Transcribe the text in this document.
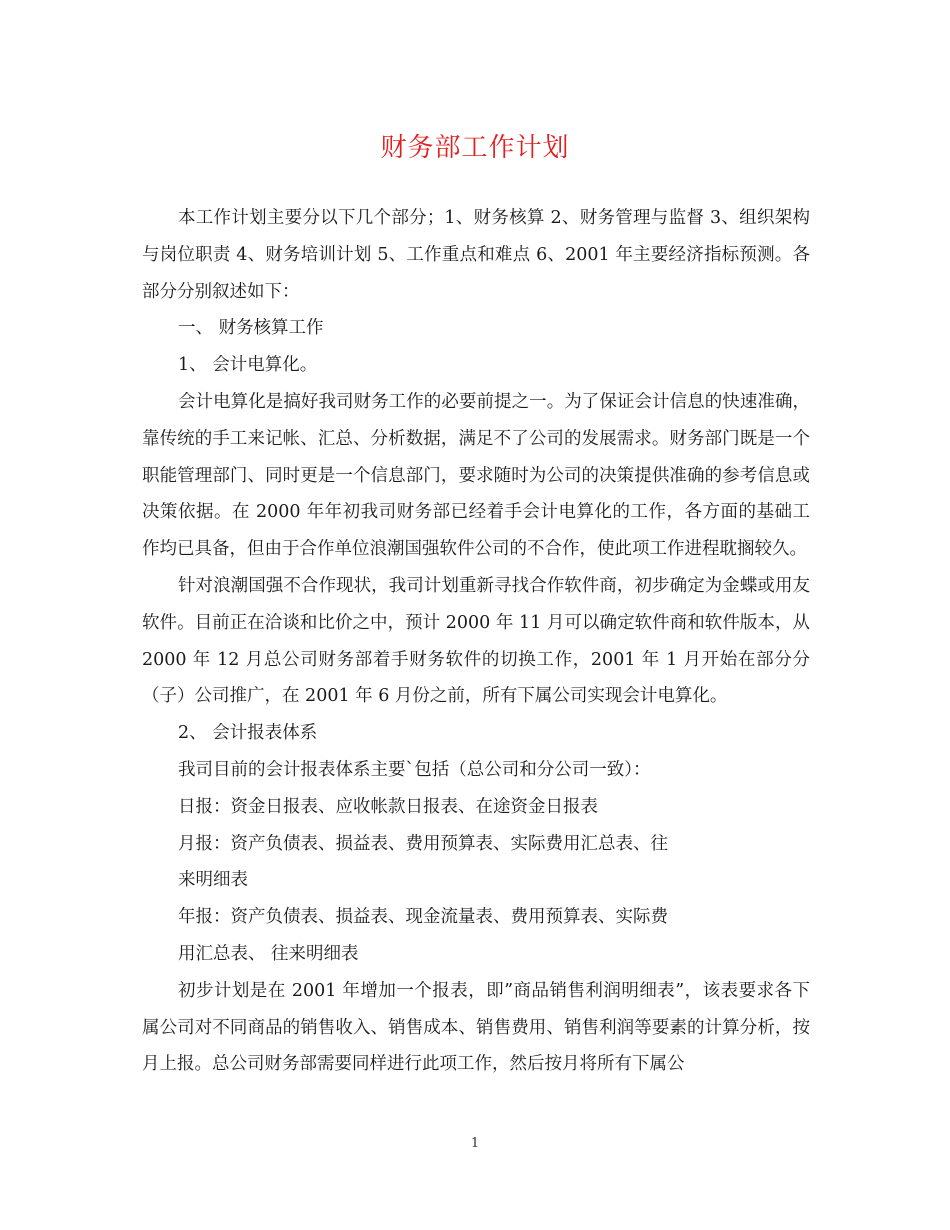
财务部工作计划

本工作计划主要分以下几个部分；1、财务核算 2、财务管理与监督 3、组织架构与岗位职责 4、财务培训计划 5、工作重点和难点 6、2001 年主要经济指标预测。各部分分别叙述如下：

一、 财务核算工作

1、 会计电算化。

会计电算化是搞好我司财务工作的必要前提之一。为了保证会计信息的快速准确，靠传统的手工来记帐、汇总、分析数据，满足不了公司的发展需求。财务部门既是一个职能管理部门、同时更是一个信息部门，要求随时为公司的决策提供准确的参考信息或决策依据。在 2000 年年初我司财务部已经着手会计电算化的工作，各方面的基础工作均已具备，但由于合作单位浪潮国强软件公司的不合作，使此项工作进程耽搁较久。

针对浪潮国强不合作现状，我司计划重新寻找合作软件商，初步确定为金蝶或用友软件。目前正在洽谈和比价之中，预计 2000 年 11 月可以确定软件商和软件版本，从 2000 年 12 月总公司财务部着手财务软件的切换工作，2001 年 1 月开始在部分分（子）公司推广，在 2001 年 6 月份之前，所有下属公司实现会计电算化。

2、 会计报表体系

我司目前的会计报表体系主要`包括（总公司和分公司一致）：

日报：资金日报表、应收帐款日报表、在途资金日报表

月报：资产负债表、损益表、费用预算表、实际费用汇总表、往

来明细表

年报：资产负债表、损益表、现金流量表、费用预算表、实际费

用汇总表、 往来明细表

初步计划是在 2001 年增加一个报表，即”商品销售利润明细表”，该表要求各下属公司对不同商品的销售收入、销售成本、销售费用、销售利润等要素的计算分析，按月上报。总公司财务部需要同样进行此项工作，然后按月将所有下属公

1
